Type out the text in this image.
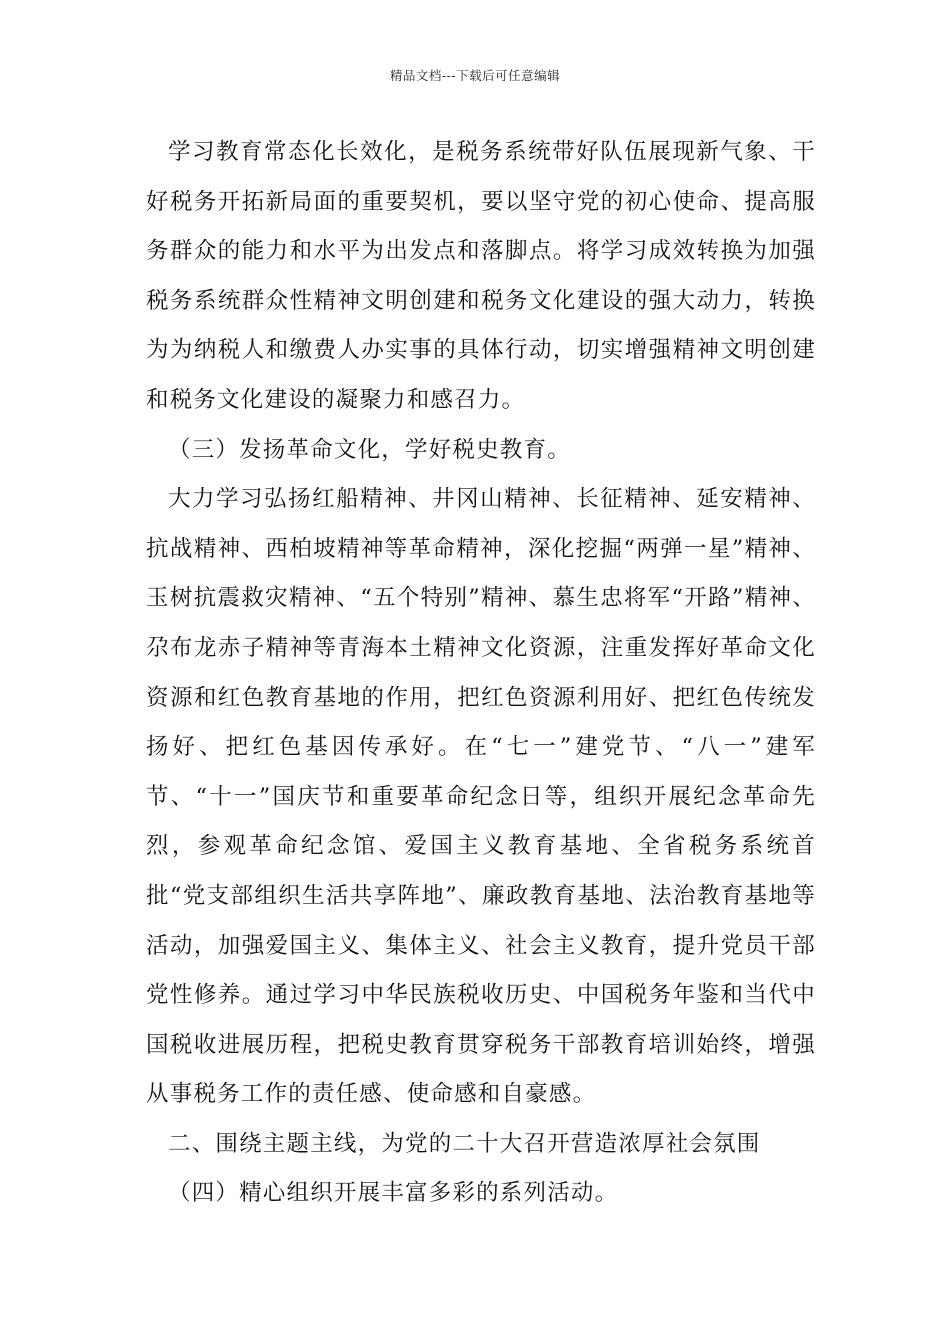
精品文档---下载后可任意编辑

学习教育常态化长效化，是税务系统带好队伍展现新气象、干好税务开拓新局面的重要契机，要以坚守党的初心使命、提高服务群众的能力和水平为出发点和落脚点。将学习成效转换为加强税务系统群众性精神文明创建和税务文化建设的强大动力，转换为为纳税人和缴费人办实事的具体行动，切实增强精神文明创建和税务文化建设的凝聚力和感召力。

（三）发扬革命文化，学好税史教育。

大力学习弘扬红船精神、井冈山精神、长征精神、延安精神、抗战精神、西柏坡精神等革命精神，深化挖掘“两弹一星”精神、玉树抗震救灾精神、“五个特别”精神、慕生忠将军“开路”精神、尕布龙赤子精神等青海本土精神文化资源，注重发挥好革命文化资源和红色教育基地的作用，把红色资源利用好、把红色传统发扬好、把红色基因传承好。在“七一”建党节、“八一”建军节、“十一”国庆节和重要革命纪念日等，组织开展纪念革命先烈，参观革命纪念馆、爱国主义教育基地、全省税务系统首批“党支部组织生活共享阵地”、廉政教育基地、法治教育基地等活动，加强爱国主义、集体主义、社会主义教育，提升党员干部党性修养。通过学习中华民族税收历史、中国税务年鉴和当代中国税收进展历程，把税史教育贯穿税务干部教育培训始终，增强从事税务工作的责任感、使命感和自豪感。

二、围绕主题主线，为党的二十大召开营造浓厚社会氛围

（四）精心组织开展丰富多彩的系列活动。
